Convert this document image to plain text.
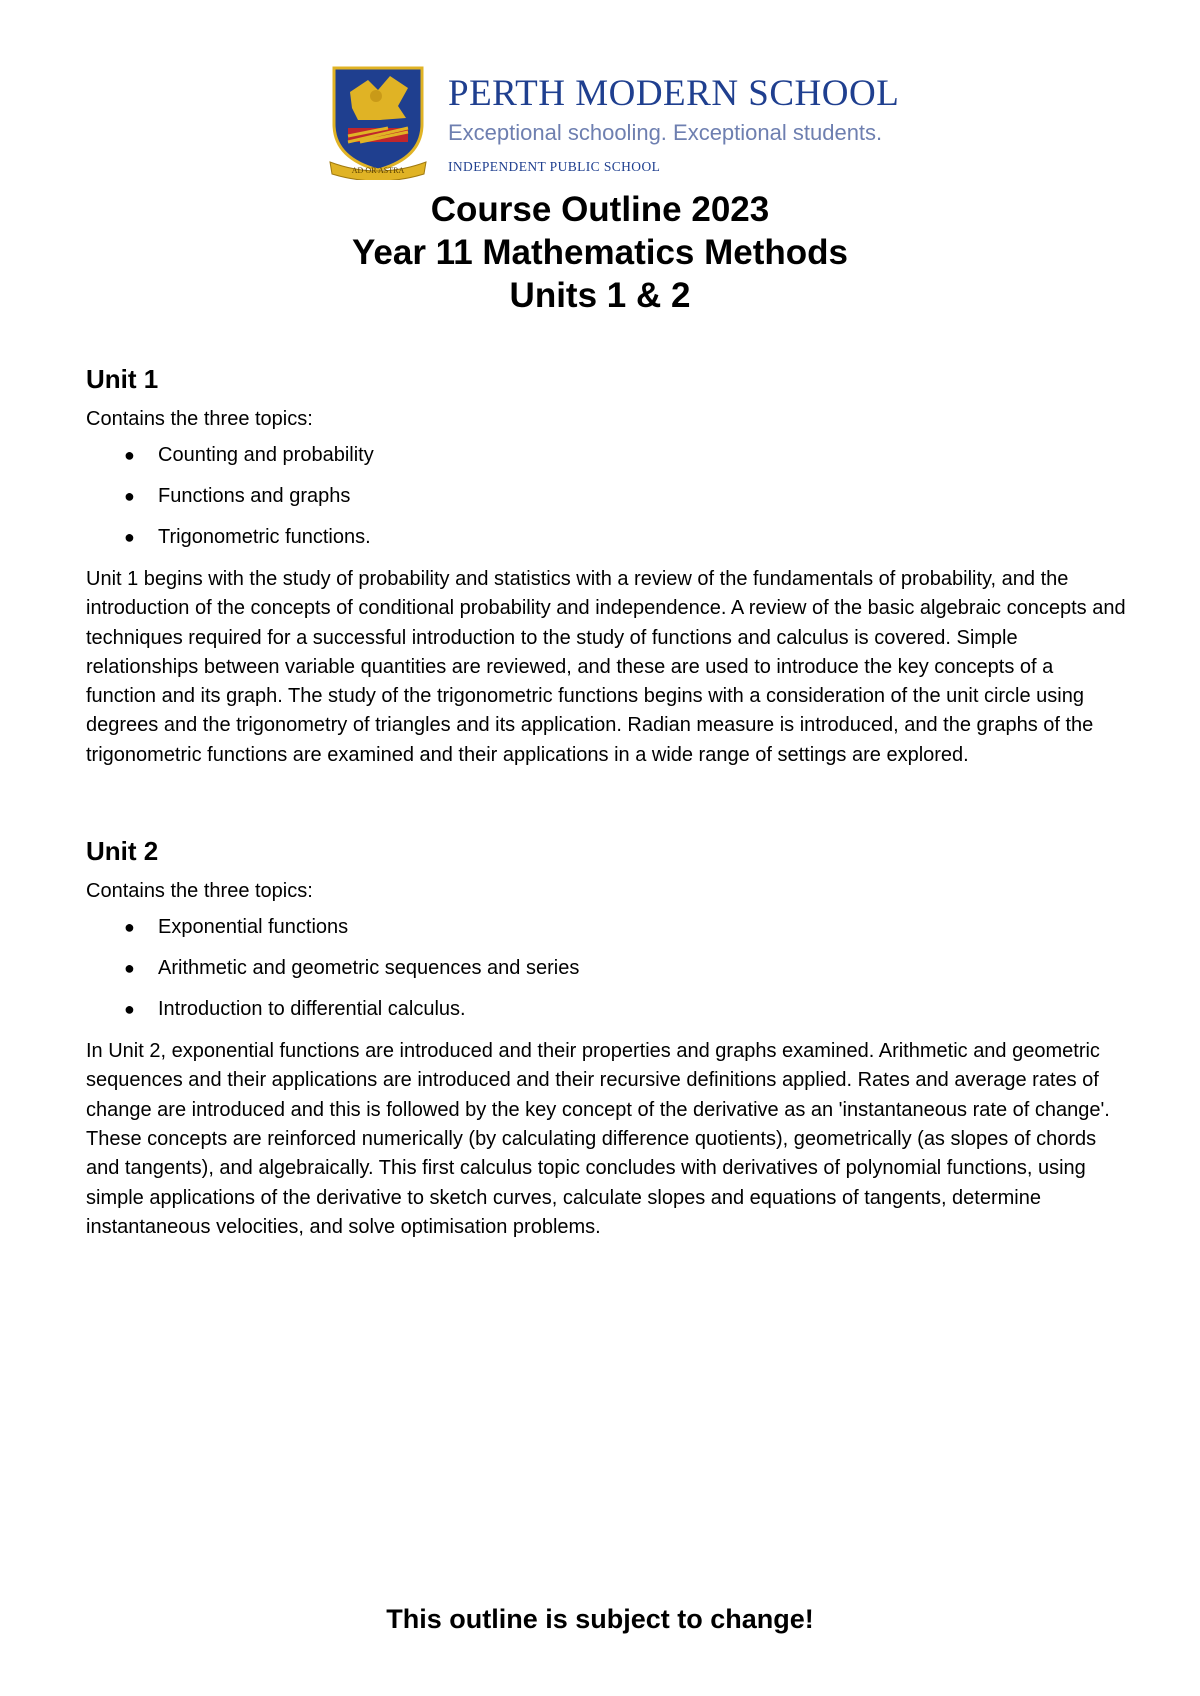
AD OR ASTRA
PERTH MODERN SCHOOL
Exceptional schooling. Exceptional students.
INDEPENDENT PUBLIC SCHOOL
Course Outline 2023
Year 11 Mathematics Methods
Units 1 & 2
Unit 1

Contains the three topics:

● Counting and probability
● Functions and graphs
● Trigonometric functions.

Unit 1 begins with the study of probability and statistics with a review of the fundamentals of probability, and the introduction of the concepts of conditional probability and independence. A review of the basic algebraic concepts and techniques required for a successful introduction to the study of functions and calculus is covered. Simple relationships between variable quantities are reviewed, and these are used to introduce the key concepts of a function and its graph. The study of the trigonometric functions begins with a consideration of the unit circle using degrees and the trigonometry of triangles and its application. Radian measure is introduced, and the graphs of the trigonometric functions are examined and their applications in a wide range of settings are explored.

Unit 2

Contains the three topics:

● Exponential functions
● Arithmetic and geometric sequences and series
● Introduction to differential calculus.

In Unit 2, exponential functions are introduced and their properties and graphs examined. Arithmetic and geometric sequences and their applications are introduced and their recursive definitions applied. Rates and average rates of change are introduced and this is followed by the key concept of the derivative as an 'instantaneous rate of change'. These concepts are reinforced numerically (by calculating difference quotients), geometrically (as slopes of chords and tangents), and algebraically. This first calculus topic concludes with derivatives of polynomial functions, using simple applications of the derivative to sketch curves, calculate slopes and equations of tangents, determine instantaneous velocities, and solve optimisation problems.

This outline is subject to change!
